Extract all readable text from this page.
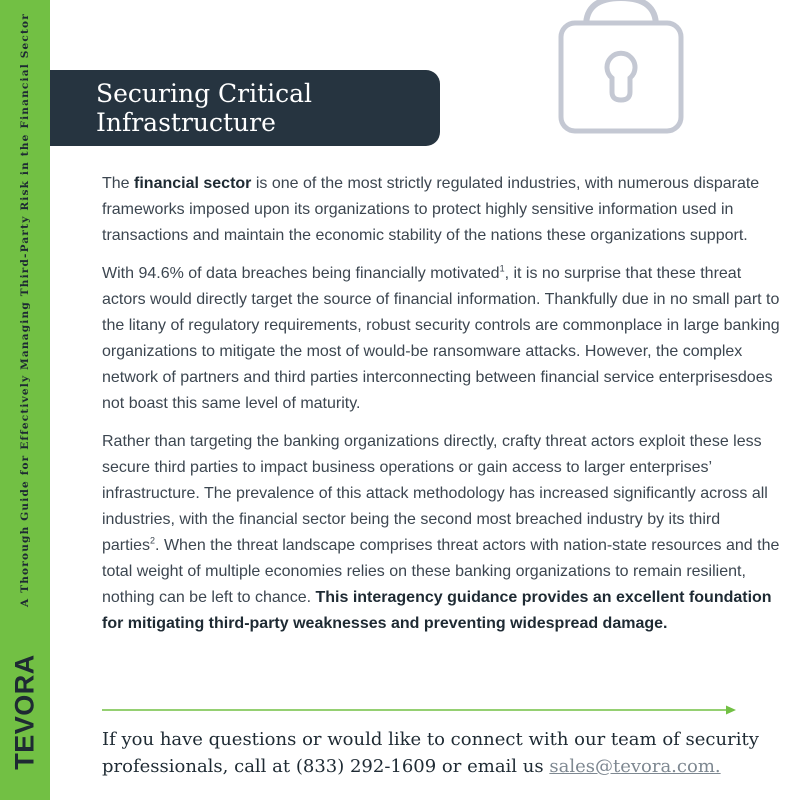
A Thorough Guide for Effectively Managing Third-Party Risk in the Financial Sector
TEVORA
Securing Critical
Infrastructure

The financial sector is one of the most strictly regulated industries, with numerous disparate frameworks imposed upon its organizations to protect highly sensitive information used in transactions and maintain the economic stability of the nations these organizations support.

With 94.6% of data breaches being financially motivated$^1$, it is no surprise that these threat actors would directly target the source of financial information. Thankfully due in no small part to the litany of regulatory requirements, robust security controls are commonplace in large banking organizations to mitigate the most of would-be ransomware attacks. However, the complex network of partners and third parties interconnecting between financial service enterprisesdoes not boast this same level of maturity.

Rather than targeting the banking organizations directly, crafty threat actors exploit these less secure third parties to impact business operations or gain access to larger enterprises’ infrastructure. The prevalence of this attack methodology has increased significantly across all industries, with the financial sector being the second most breached industry by its third parties$^2$. When the threat landscape comprises threat actors with nation-state resources and the total weight of multiple economies relies on these banking organizations to remain resilient, nothing can be left to chance. This interagency guidance provides an excellent foundation for mitigating third-party weaknesses and preventing widespread damage.

If you have questions or would like to connect with our team of security professionals, call at (833) 292-1609 or email us sales@tevora.com.
